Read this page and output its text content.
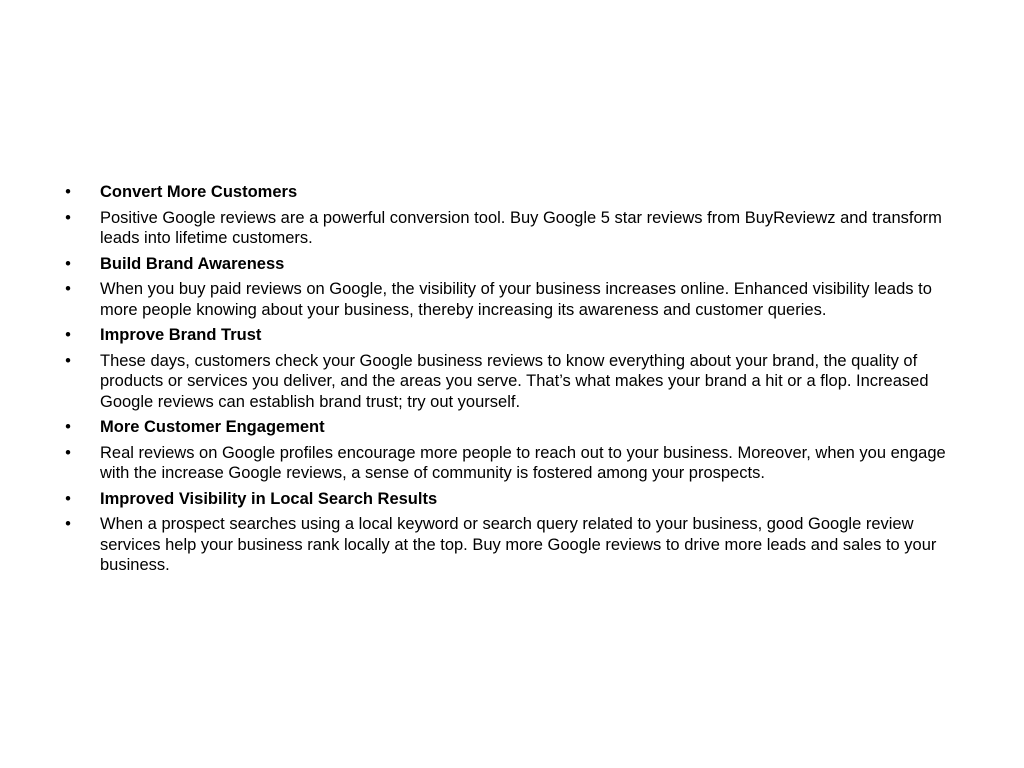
• Convert More Customers
• Positive Google reviews are a powerful conversion tool. Buy Google 5 star reviews from BuyReviewz and transform leads into lifetime customers.
• Build Brand Awareness
• When you buy paid reviews on Google, the visibility of your business increases online. Enhanced visibility leads to more people knowing about your business, thereby increasing its awareness and customer queries.
• Improve Brand Trust
• These days, customers check your Google business reviews to know everything about your brand, the quality of products or services you deliver, and the areas you serve. That’s what makes your brand a hit or a flop. Increased Google reviews can establish brand trust; try out yourself.
• More Customer Engagement
• Real reviews on Google profiles encourage more people to reach out to your business. Moreover, when you engage with the increase Google reviews, a sense of community is fostered among your prospects.
• Improved Visibility in Local Search Results
• When a prospect searches using a local keyword or search query related to your business, good Google review services help your business rank locally at the top. Buy more Google reviews to drive more leads and sales to your business.
